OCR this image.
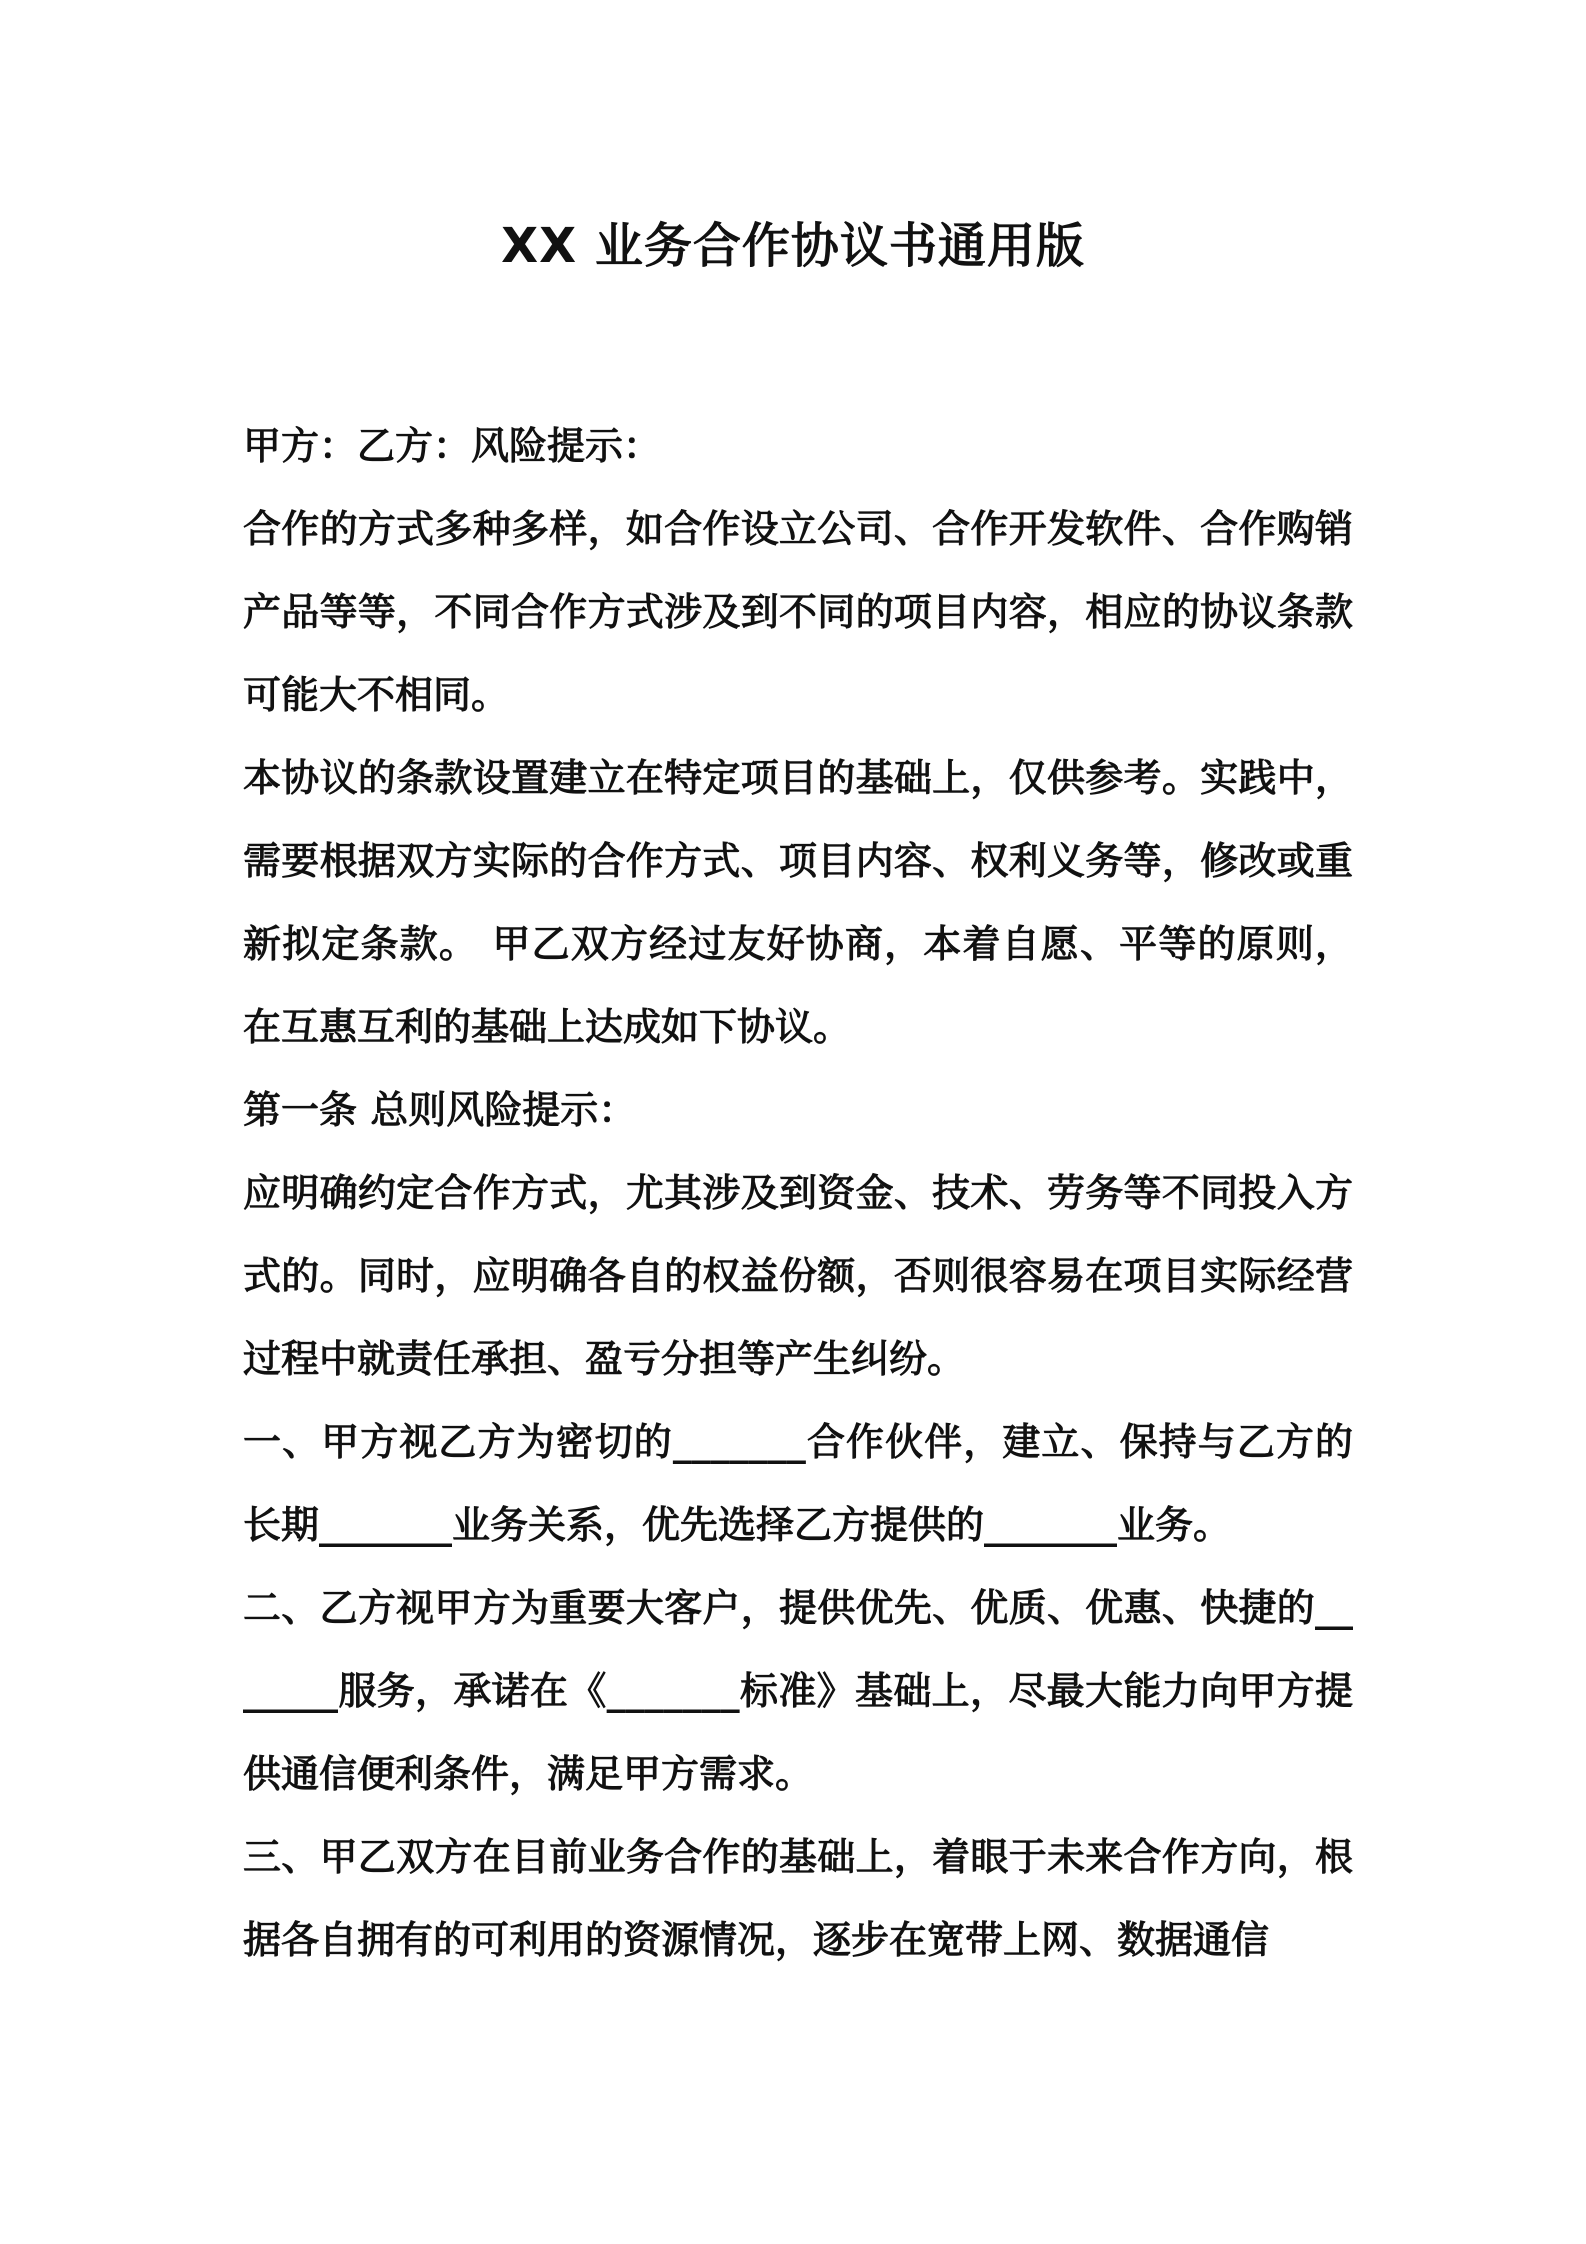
XX 业务合作协议书通用版

甲方：乙方：风险提示：

合作的方式多种多样，如合作设立公司、合作开发软件、合作购销产品等等，不同合作方式涉及到不同的项目内容，相应的协议条款可能大不相同。

本协议的条款设置建立在特定项目的基础上，仅供参考。实践中，需要根据双方实际的合作方式、项目内容、权利义务等，修改或重新拟定条款。 甲乙双方经过友好协商，本着自愿、平等的原则，在互惠互利的基础上达成如下协议。

第一条 总则风险提示：

应明确约定合作方式，尤其涉及到资金、技术、劳务等不同投入方式的。同时，应明确各自的权益份额，否则很容易在项目实际经营过程中就责任承担、盈亏分担等产生纠纷。

一、甲方视乙方为密切的_______合作伙伴，建立、保持与乙方的长期_______业务关系，优先选择乙方提供的_______业务。

二、乙方视甲方为重要大客户，提供优先、优质、优惠、快捷的_______服务，承诺在《_______标准》基础上，尽最大能力向甲方提供通信便利条件，满足甲方需求。

三、甲乙双方在目前业务合作的基础上，着眼于未来合作方向，根据各自拥有的可利用的资源情况，逐步在宽带上网、数据通信
